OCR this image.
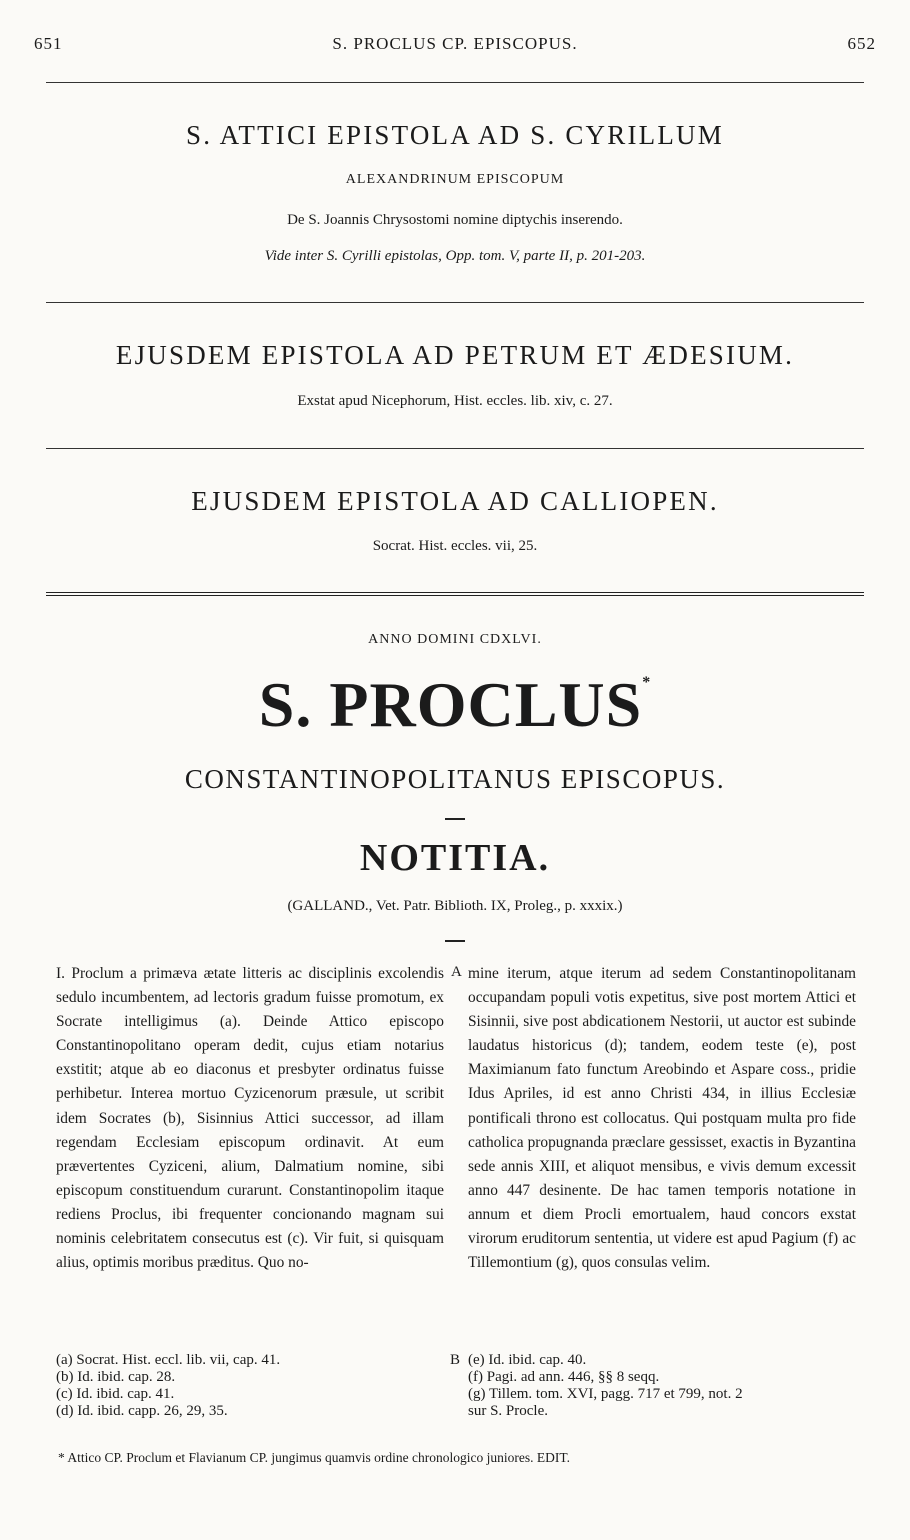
651	S. PROCLUS CP. EPISCOPUS.	652
S. ATTICI EPISTOLA AD S. CYRILLUM
ALEXANDRINUM EPISCOPUM
De S. Joannis Chrysostomi nomine diptychis inserendo.
Vide inter S. Cyrilli epistolas, Opp. tom. V, parte II, p. 201-203.
EJUSDEM EPISTOLA AD PETRUM ET ÆDESIUM.
Exstat apud Nicephorum, Hist. eccles. lib. xiv, c. 27.
EJUSDEM EPISTOLA AD CALLIOPEN.
Socrat. Hist. eccles. vii, 25.
ANNO DOMINI CDXLVI.
S. PROCLUS*
CONSTANTINOPOLITANUS EPISCOPUS.
NOTITIA.
(GALLAND., Vet. Patr. Biblioth. IX, Proleg., p. xxxix.)
I. Proclum a primæva ætate litteris ac disciplinis excolendis sedulo incumbentem, ad lectoris gradum fuisse promotum, ex Socrate intelligimus (a). Deinde Attico episcopo Constantinopolitano operam dedit, cujus etiam notarius exstitit; atque ab eo diaconus et presbyter ordinatus fuisse perhibetur. Interea mortuo Cyzicenorum præsule, ut scribit idem Socrates (b), Sisinnius Attici successor, ad illam regendam Ecclesiam episcopum ordinavit. At eum prævertentes Cyziceni, alium, Dalmatium nomine, sibi episcopum constituendum curarunt. Constantinopolim itaque rediens Proclus, ibi frequenter concionando magnam sui nominis celebritatem consecutus est (c). Vir fuit, si quisquam alius, optimis moribus præditus. Quo no-
A mine iterum, atque iterum ad sedem Constantinopolitanam occupandam populi votis expetitus, sive post mortem Attici et Sisinnii, sive post abdicationem Nestorii, ut auctor est subinde laudatus historicus (d); tandem, eodem teste (e), post Maximianum fato functum Areobindo et Aspare coss., pridie Idus Apriles, id est anno Christi 434, in illius Ecclesiæ pontificali throno est collocatus. Qui postquam multa pro fide catholica propugnanda præclare gessisset, exactis in Byzantina sede annis XIII, et aliquot mensibus, e vivis demum excessit anno 447 desinente. De hac tamen temporis notatione in annum et diem Procli emortualem, haud concors exstat virorum eruditorum sententia, ut videre est apud Pagium (f) ac Tillemontium (g), quos consulas velim.
(a) Socrat. Hist. eccl. lib. vii, cap. 41.
(b) Id. ibid. cap. 28.
(c) Id. ibid. cap. 41.
(d) Id. ibid. capp. 26, 29, 35.
B (e) Id. ibid. cap. 40.
(f) Pagi. ad ann. 446, §§ 8 seqq.
(g) Tillem. tom. XVI, pagg. 717 et 799, not. 2
sur S. Procle.
* Attico CP. Proclum et Flavianum CP. jungimus quamvis ordine chronologico juniores. EDIT.
